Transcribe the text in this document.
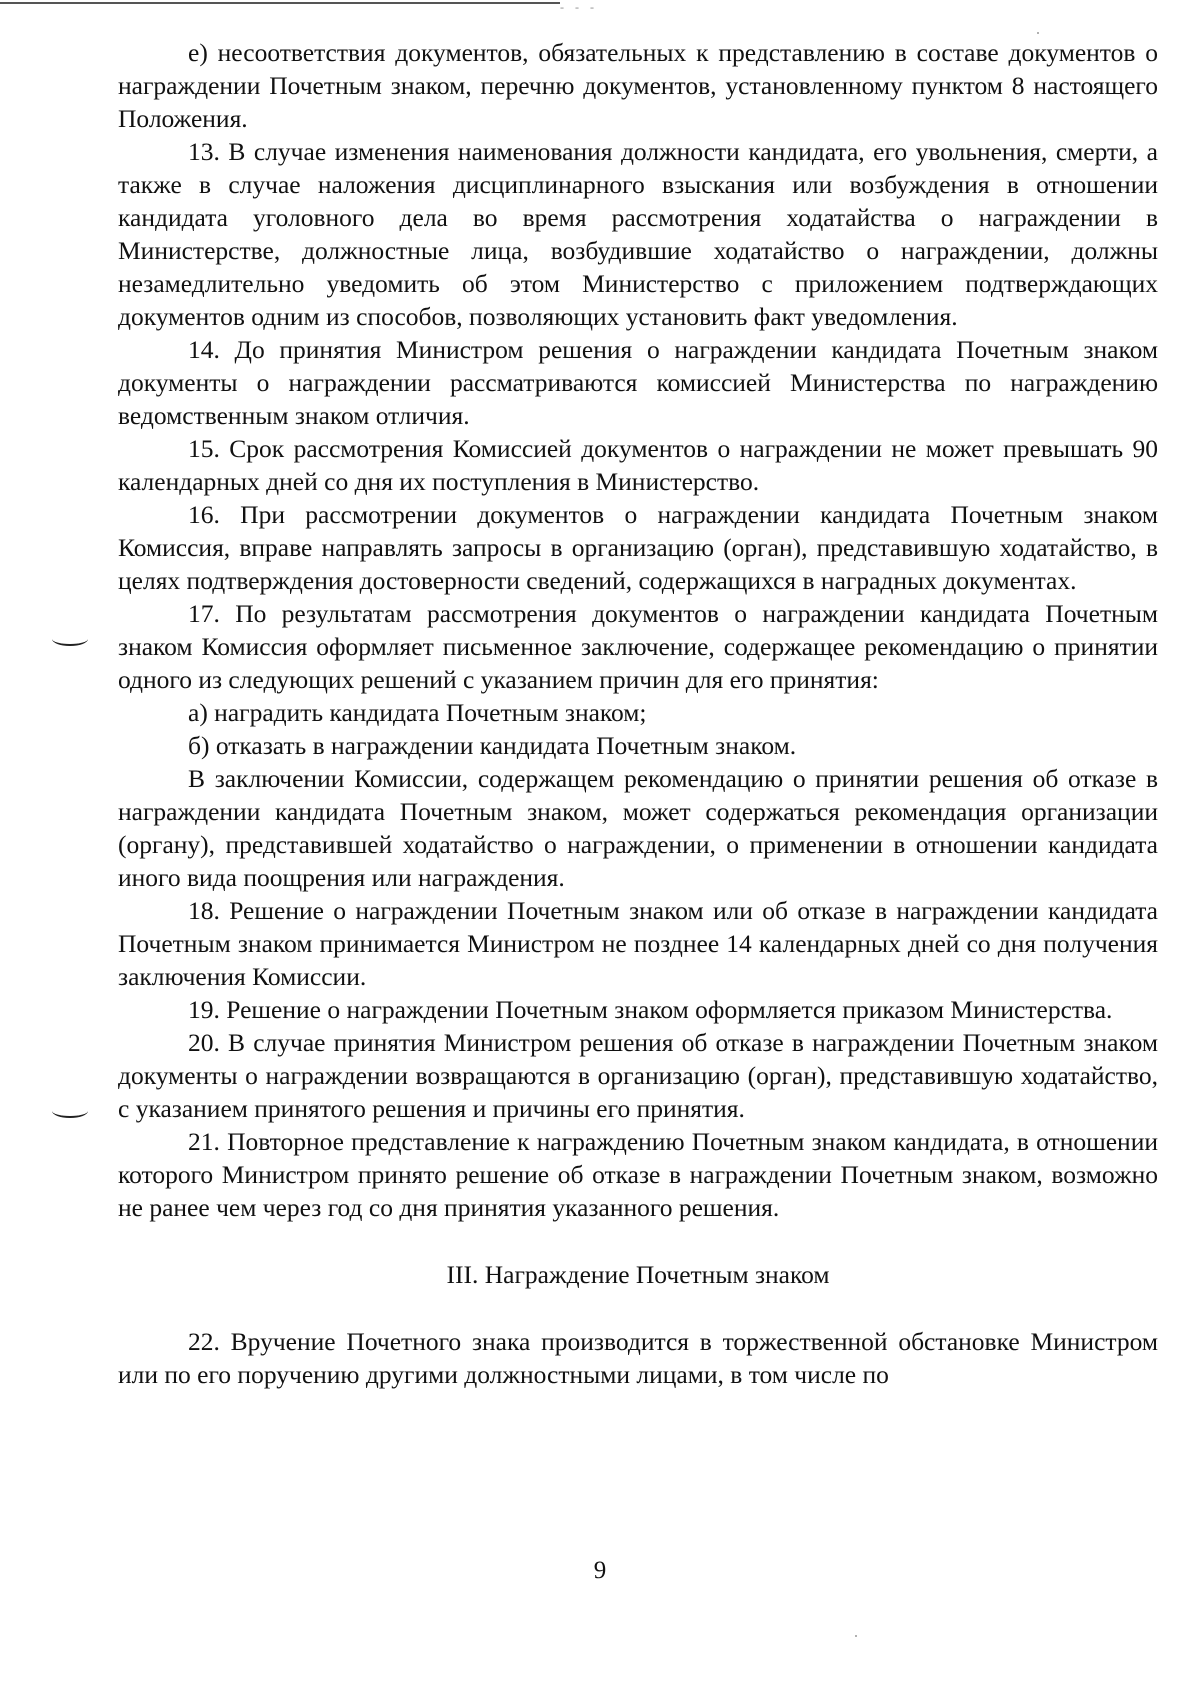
- - -

е) несоответствия документов, обязательных к представлению в составе документов о награждении Почетным знаком, перечню документов, установленному пунктом 8 настоящего Положения.

13. В случае изменения наименования должности кандидата, его увольнения, смерти, а также в случае наложения дисциплинарного взыскания или возбуждения в отношении кандидата уголовного дела во время рассмотрения ходатайства о награждении в Министерстве, должностные лица, возбудившие ходатайство о награждении, должны незамедлительно уведомить об этом Министерство с приложением подтверждающих документов одним из способов, позволяющих установить факт уведомления.

14. До принятия Министром решения о награждении кандидата Почетным знаком документы о награждении рассматриваются комиссией Министерства по награждению ведомственным знаком отличия.

15. Срок рассмотрения Комиссией документов о награждении не может превышать 90 календарных дней со дня их поступления в Министерство.

16. При рассмотрении документов о награждении кандидата Почетным знаком Комиссия, вправе направлять запросы в организацию (орган), представившую ходатайство, в целях подтверждения достоверности сведений, содержащихся в наградных документах.

17. По результатам рассмотрения документов о награждении кандидата Почетным знаком Комиссия оформляет письменное заключение, содержащее рекомендацию о принятии одного из следующих решений с указанием причин для его принятия:

а) наградить кандидата Почетным знаком;

б) отказать в награждении кандидата Почетным знаком.

В заключении Комиссии, содержащем рекомендацию о принятии решения об отказе в награждении кандидата Почетным знаком, может содержаться рекомендация организации (органу), представившей ходатайство о награждении, о применении в отношении кандидата иного вида поощрения или награждения.

18. Решение о награждении Почетным знаком или об отказе в награждении кандидата Почетным знаком принимается Министром не позднее 14 календарных дней со дня получения заключения Комиссии.

19. Решение о награждении Почетным знаком оформляется приказом Министерства.

20. В случае принятия Министром решения об отказе в награждении Почетным знаком документы о награждении возвращаются в организацию (орган), представившую ходатайство, с указанием принятого решения и причины его принятия.

21. Повторное представление к награждению Почетным знаком кандидата, в отношении которого Министром принято решение об отказе в награждении Почетным знаком, возможно не ранее чем через год со дня принятия указанного решения.

III. Награждение Почетным знаком

22. Вручение Почетного знака производится в торжественной обстановке Министром или по его поручению другими должностными лицами, в том числе по

9
